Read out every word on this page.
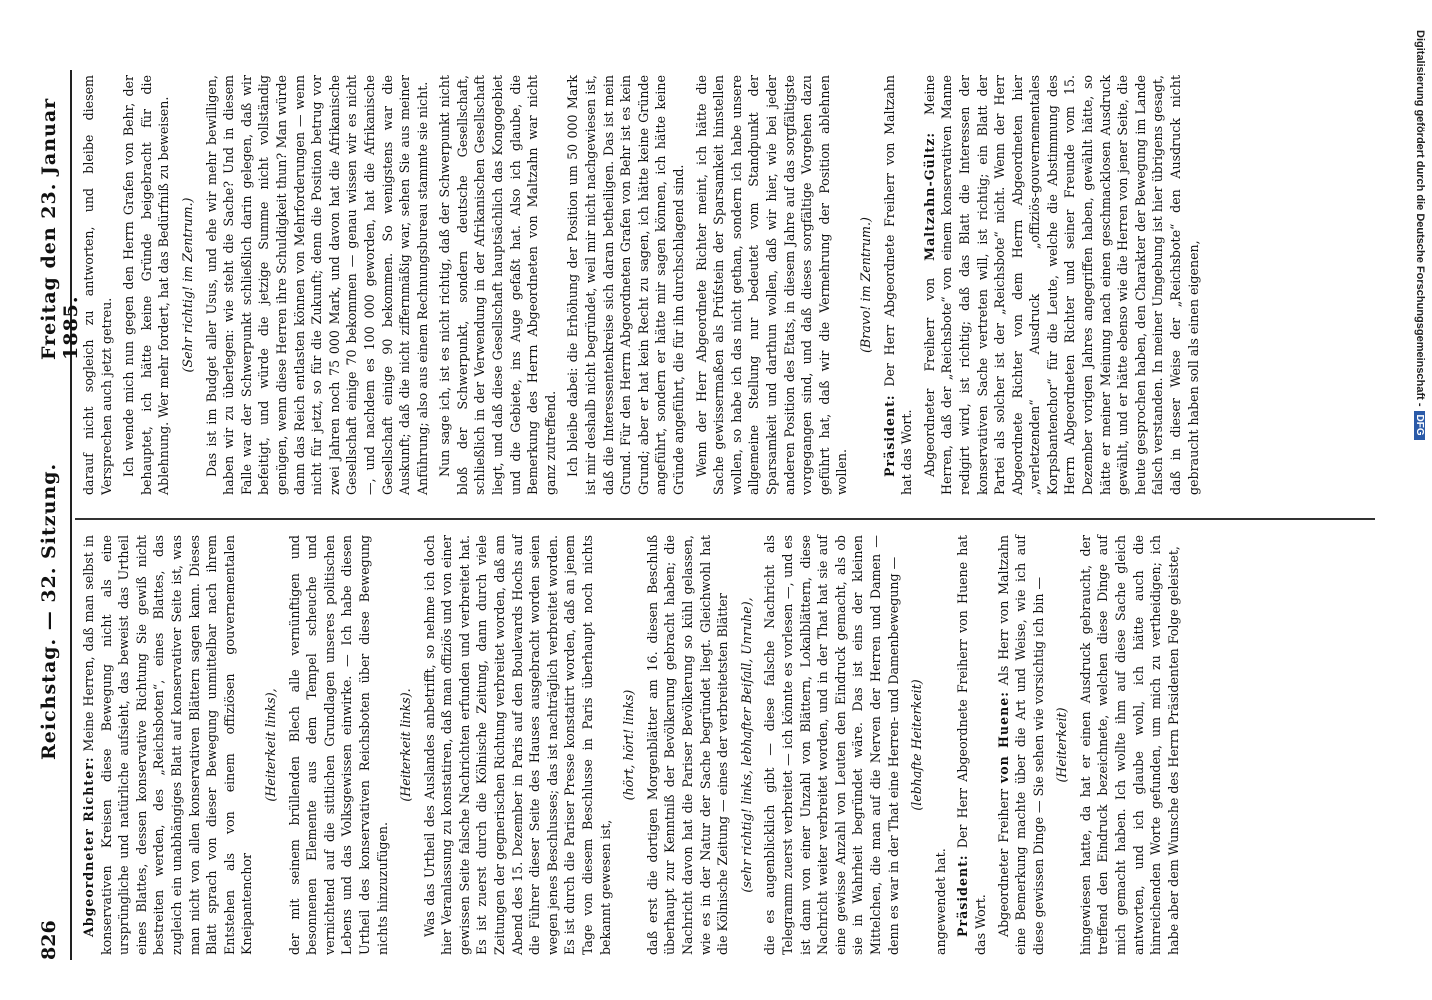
826
Reichstag. — 32. Sitzung.
Freitag den 23. Januar 1885.

Abgeordneter Richter: Meine Herren, daß man selbst in konservativen Kreisen diese Bewegung nicht als eine ursprüngliche und natürliche aufsieht, das beweist das Urtheil eines Blattes, dessen konservative Richtung Sie gewiß nicht bestreiten werden, des „Reichsboten“, eines Blattes, das zugleich ein unabhängiges Blatt auf konservativer Seite ist, was man nicht von allen konservativen Blättern sagen kann. Dieses Blatt sprach von dieser Bewegung unmittelbar nach ihrem Entstehen als von einem offiziösen gouvernementalen Kneipantenchor

(Heiterkeit links), der mit seinem brüllenden Blech alle vernünftigen und besonnenen Elemente aus dem Tempel scheuche und vernichtend auf die sittlichen Grundlagen unseres politischen Lebens und das Volksgewissen einwirke. — Ich habe diesen Urtheil des konservativen Reichsboten über diese Bewegung nichts hinzuzufügen.

(Heiterkeit links). Was das Urtheil des Auslandes anbetrifft, so nehme ich doch hier Veranlassung zu konstatiren, daß man offiziös und von einer gewissen Seite falsche Nachrichten erfunden und verbreitet hat. Es ist zuerst durch die Kölnische Zeitung, dann durch viele Zeitungen der gegnerischen Richtung verbreitet worden, daß am Abend des 15. Dezember in Paris auf den Boulevards Hochs auf die Führer dieser Seite des Hauses ausgebracht worden seien wegen jenes Beschlusses; das ist nachträglich verbreitet worden. Es ist durch die Pariser Presse konstatirt worden, daß an jenem Tage von diesem Beschlusse in Paris überhaupt noch nichts bekannt gewesen ist,

(hört, hört! links) daß erst die dortigen Morgenblätter am 16. diesen Beschluß überhaupt zur Kenntniß der Bevölkerung gebracht haben; die Nachricht davon hat die Pariser Bevölkerung so kühl gelassen, wie es in der Natur der Sache begründet liegt. Gleichwohl hat die Kölnische Zeitung — eines der verbreitetsten Blätter (sehr richtig! links, lebhafter Beifall, Unruhe), die es augenblicklich gibt — diese falsche Nachricht als Telegramm zuerst verbreitet — ich könnte es vorlesen —, und es ist dann von einer Unzahl von Blättern, Lokalblättern, diese Nachricht weiter verbreitet worden, und in der That hat sie auf eine gewisse Anzahl von Leuten den Eindruck gemacht, als ob sie in Wahrheit begründet wäre. Das ist eins der kleinen Mittelchen, die man auf die Nerven der Herren und Damen — denn es war in der That eine Herren- und Damenbewegung — (lebhafte Heiterkeit)

angewendet hat. Präsident: Der Herr Abgeordnete Freiherr von Huene hat das Wort. Abgeordneter Freiherr von Huene: Als Herr von Maltzahn eine Bemerkung machte über die Art und Weise, wie ich auf diese gewissen Dinge — Sie sehen wie vorsichtig ich bin — (Heiterkeit) hingewiesen hatte, da hat er einen Ausdruck gebraucht, der treffend den Eindruck bezeichnete, welchen diese Dinge auf mich gemacht haben. Ich wollte ihm auf diese Sache gleich antworten, und ich glaube wohl, ich hätte auch die hinreichenden Worte gefunden, um mich zu vertheidigen; ich habe aber dem Wunsche des Herrn Präsidenten Folge geleistet,

darauf nicht sogleich zu antworten, und bleibe diesem Versprechen auch jetzt getreu. Ich wende mich nun gegen den Herrn Grafen von Behr, der behauptet, ich hätte keine Gründe beigebracht für die Ablehnung. Wer mehr fordert, hat das Bedürfniß zu beweisen. (Sehr richtig! im Zentrum.) Das ist im Budget aller Usus, und ehe wir mehr bewilligen, haben wir zu überlegen: wie steht die Sache? Und in diesem Falle war der Schwerpunkt schließlich darin gelegen, daß wir befeitigt, und würde die jetzige Summe nicht vollständig genügen, wenn diese Herren ihre Schuldigkeit thun? Man würde dann das Reich entlasten können von Mehrforderungen — wenn nicht für jetzt, so für die Zukunft; denn die Position betrug vor zwei Jahren noch 75 000 Mark, und davon hat die Afrikanische Gesellschaft einige 70 bekommen — genau wissen wir es nicht —, und nachdem es 100 000 geworden, hat die Afrikanische Gesellschaft einige 90 bekommen. So wenigstens war die Auskunft; daß die nicht ziffernmäßig war, sehen Sie aus meiner Anführung; also aus einem Rechnungsbureau stammte sie nicht. Nun sage ich, ist es nicht richtig, daß der Schwerpunkt nicht bloß der Schwerpunkt, sondern deutsche Gesellschaft, schließlich in der Verwendung in der Afrikanischen Gesellschaft liegt, und daß diese Gesellschaft hauptsächlich das Kongogebiet und die Gebiete, ins Auge gefaßt hat. Also ich glaube, die Bemerkung des Herrn Abgeordneten von Maltzahn war nicht ganz zutreffend. Ich bleibe dabei: die Erhöhung der Position um 50 000 Mark ist mir deshalb nicht begründet, weil mir nicht nachgewiesen ist, daß die Interessentenkreise sich daran betheiligen. Das ist mein Grund. Für den Herrn Abgeordneten Grafen von Behr ist es kein Grund; aber er hat kein Recht zu sagen, ich hätte keine Gründe angeführt, sondern er hätte mir sagen können, ich hätte keine Gründe angeführt, die für ihn durchschlagend sind. Wenn der Herr Abgeordnete Richter meint, ich hätte die Sache gewissermaßen als Prüfstein der Sparsamkeit hinstellen wollen, so habe ich das nicht gethan, sondern ich habe unsere allgemeine Stellung nur bedeutet vom Standpunkt der Sparsamkeit und darthun wollen, daß wir hier, wie bei jeder anderen Position des Etats, in diesem Jahre auf das sorgfältigste vorgegangen sind, und daß dieses sorgfältige Vorgehen dazu geführt hat, daß wir die Vermehrung der Position ablehnen wollen.

(Bravo! im Zentrum.)

Präsident: Der Herr Abgeordnete Freiherr von Maltzahn hat das Wort. Abgeordneter Freiherr von Maltzahn-Gültz: Meine Herren, daß der „Reichsbote“ von einem konservativen Manne redigirt wird, ist richtig; daß das Blatt die Interessen der konservativen Sache vertreten will, ist richtig; ein Blatt der Partei als solcher ist der „Reichsbote“ nicht. Wenn der Herr Abgeordnete Richter von dem Herrn Abgeordneten hier „verletzenden“ Ausdruck „offiziös-gouvernementales Korpsbantenchor“ für die Leute, welche die Abstimmung des Herrn Abgeordneten Richter und seiner Freunde vom 15. Dezember vorigen Jahres angegriffen haben, gewählt hätte, so hätte er meiner Meinung nach einen geschmacklosen Ausdruck gewählt, und er hätte ebenso wie die Herren von jener Seite, die heute gesprochen haben, den Charakter der Bewegung im Lande falsch verstanden. In meiner Umgebung ist hier übrigens gesagt, daß in dieser Weise der „Reichsbote“ den Ausdruck nicht gebraucht haben soll als einen eigenen,	Digitalisierung gefördert durch die Deutsche Forschungsgemeinschaft -DFG
